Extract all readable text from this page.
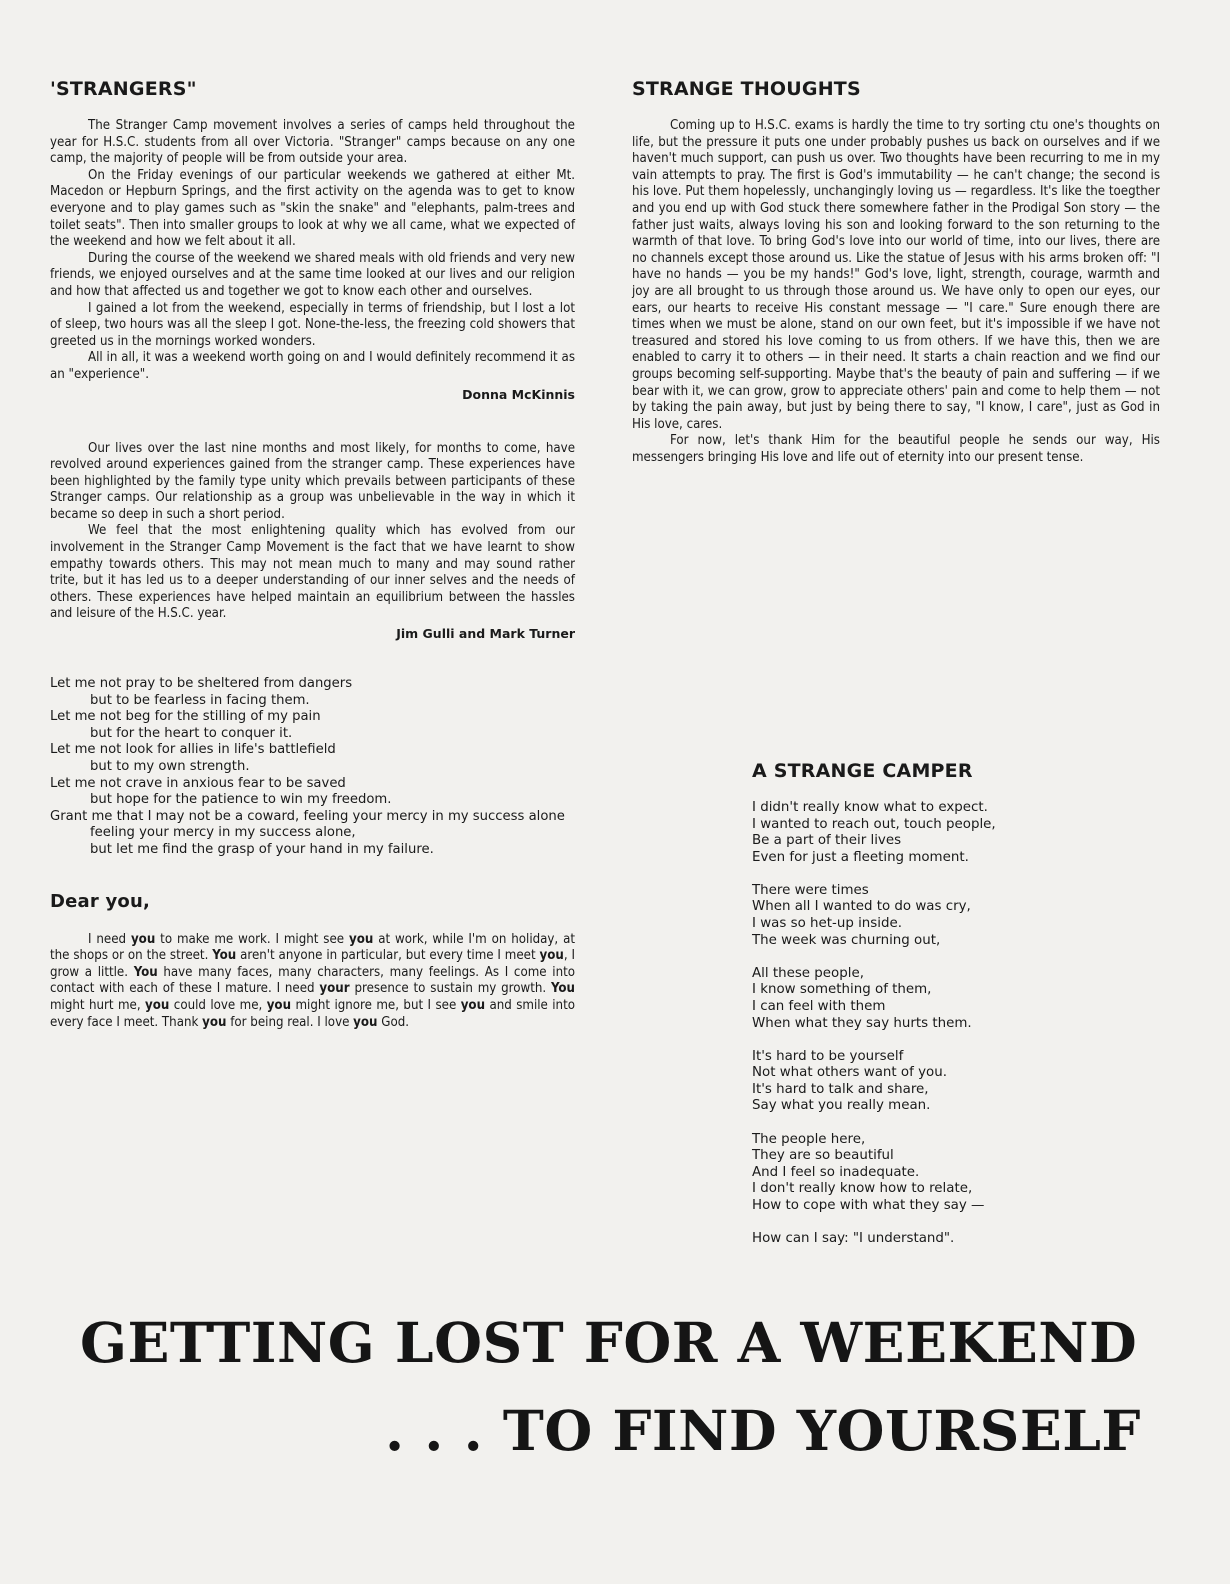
'STRANGERS"

The Stranger Camp movement involves a series of camps held throughout the year for H.S.C. students from all over Victoria. "Stranger" camps because on any one camp, the majority of people will be from outside your area.

On the Friday evenings of our particular weekends we gathered at either Mt. Macedon or Hepburn Springs, and the first activity on the agenda was to get to know everyone and to play games such as "skin the snake" and "elephants, palm-trees and toilet seats". Then into smaller groups to look at why we all came, what we expected of the weekend and how we felt about it all.

During the course of the weekend we shared meals with old friends and very new friends, we enjoyed ourselves and at the same time looked at our lives and our religion and how that affected us and together we got to know each other and ourselves.

I gained a lot from the weekend, especially in terms of friendship, but I lost a lot of sleep, two hours was all the sleep I got. None-the-less, the freezing cold showers that greeted us in the mornings worked wonders.

All in all, it was a weekend worth going on and I would definitely recommend it as an "experience".

Donna McKinnis

Our lives over the last nine months and most likely, for months to come, have revolved around experiences gained from the stranger camp. These experiences have been highlighted by the family type unity which prevails between participants of these Stranger camps. Our relationship as a group was unbelievable in the way in which it became so deep in such a short period.

We feel that the most enlightening quality which has evolved from our involvement in the Stranger Camp Movement is the fact that we have learnt to show empathy towards others. This may not mean much to many and may sound rather trite, but it has led us to a deeper understanding of our inner selves and the needs of others. These experiences have helped maintain an equilibrium between the hassles and leisure of the H.S.C. year.

Jim Gulli and Mark Turner
Let me not pray to be sheltered from dangers
but to be fearless in facing them.
Let me not beg for the stilling of my pain
but for the heart to conquer it.
Let me not look for allies in life's battlefield
but to my own strength.
Let me not crave in anxious fear to be saved
but hope for the patience to win my freedom.
Grant me that I may not be a coward, feeling your mercy in my success alone
feeling your mercy in my success alone,
but let me find the grasp of your hand in my failure.
Dear you,

I need you to make me work. I might see you at work, while I'm on holiday, at the shops or on the street. You aren't anyone in particular, but every time I meet you, I grow a little. You have many faces, many characters, many feelings. As I come into contact with each of these I mature. I need your presence to sustain my growth. You might hurt me, you could love me, you might ignore me, but I see you and smile into every face I meet. Thank you for being real. I love you God.

STRANGE THOUGHTS

Coming up to H.S.C. exams is hardly the time to try sorting ctu one's thoughts on life, but the pressure it puts one under probably pushes us back on ourselves and if we haven't much support, can push us over. Two thoughts have been recurring to me in my vain attempts to pray. The first is God's immutability — he can't change; the second is his love. Put them hopelessly, unchangingly loving us — regardless. It's like the toegther and you end up with God stuck there somewhere father in the Prodigal Son story — the father just waits, always loving his son and looking forward to the son returning to the warmth of that love. To bring God's love into our world of time, into our lives, there are no channels except those around us. Like the statue of Jesus with his arms broken off: "I have no hands — you be my hands!" God's love, light, strength, courage, warmth and joy are all brought to us through those around us. We have only to open our eyes, our ears, our hearts to receive His constant message — "I care." Sure enough there are times when we must be alone, stand on our own feet, but it's impossible if we have not treasured and stored his love coming to us from others. If we have this, then we are enabled to carry it to others — in their need. It starts a chain reaction and we find our groups becoming self-supporting. Maybe that's the beauty of pain and suffering — if we bear with it, we can grow, grow to appreciate others' pain and come to help them — not by taking the pain away, but just by being there to say, "I know, I care", just as God in His love, cares.

For now, let's thank Him for the beautiful people he sends our way, His messengers bringing His love and life out of eternity into our present tense.

A STRANGE CAMPER
I didn't really know what to expect.
I wanted to reach out, touch people,
Be a part of their lives
Even for just a fleeting moment.
There were times
When all I wanted to do was cry,
I was so het-up inside.
The week was churning out,
All these people,
I know something of them,
I can feel with them
When what they say hurts them.
It's hard to be yourself
Not what others want of you.
It's hard to talk and share,
Say what you really mean.
The people here,
They are so beautiful
And I feel so inadequate.
I don't really know how to relate,
How to cope with what they say —
How can I say: "I understand".
GETTING LOST FOR A WEEKEND
. . . TO FIND YOURSELF
